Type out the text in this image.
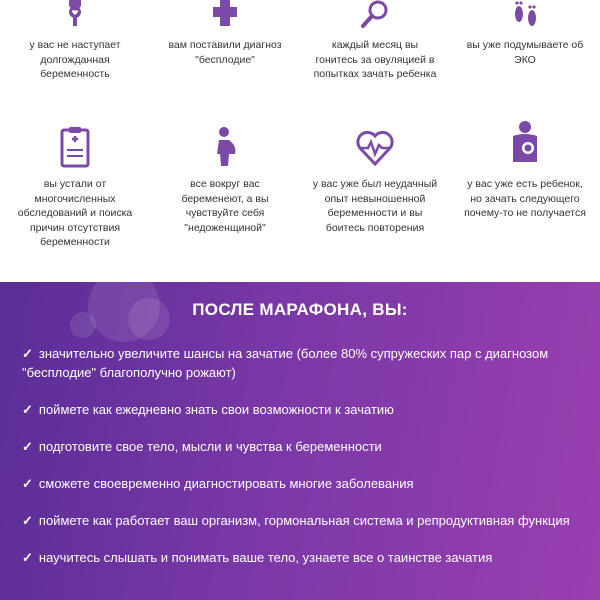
у вас не наступает долгожданная беременность
вам поставили диагноз "бесплодие"
каждый месяц вы гонитесь за овуляцией в попытках зачать ребенка
вы уже подумываете об ЭКО
вы устали от многочисленных обследований и поиска причин отсутствия беременности
все вокруг вас беременеют, а вы чувствуйте себя "недоженщиной"
у вас уже был неудачный опыт невыношенной беременности и вы боитесь повторения
у вас уже есть ребенок, но зачать следующего почему-то не получается
ПОСЛЕ МАРАФОНА, ВЫ:
✓ значительно увеличите шансы на зачатие (более 80% супружеских пар с диагнозом "бесплодие" благополучно рожают)
✓ поймете как ежедневно знать свои возможности к зачатию
✓ подготовите свое тело, мысли и чувства к беременности
✓ сможете своевременно диагностировать многие заболевания
✓ поймете как работает ваш организм, гормональная система и репродуктивная функция
✓ научитесь слышать и понимать ваше тело, узнаете все о таинстве зачатия
